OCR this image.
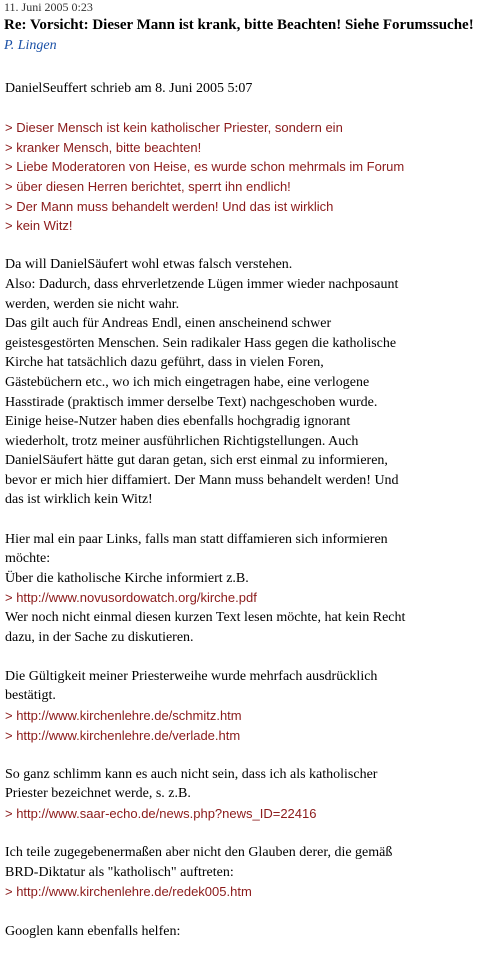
11. Juni 2005 0:23
Re: Vorsicht: Dieser Mann ist krank, bitte Beachten! Siehe Forumssuche!
P. Lingen
DanielSeuffert schrieb am 8. Juni 2005 5:07
> Dieser Mensch ist kein katholischer Priester, sondern ein
> kranker Mensch, bitte beachten!
> Liebe Moderatoren von Heise, es wurde schon mehrmals im Forum
> über diesen Herren berichtet, sperrt ihn endlich!
> Der Mann muss behandelt werden! Und das ist wirklich
> kein Witz!
Da will DanielSäufert wohl etwas falsch verstehen.
Also: Dadurch, dass ehrverletzende Lügen immer wieder nachposaunt
werden, werden sie nicht wahr.
Das gilt auch für Andreas Endl, einen anscheinend schwer
geistesgestörten Menschen. Sein radikaler Hass gegen die katholische
Kirche hat tatsächlich dazu geführt, dass in vielen Foren,
Gästebüchern etc., wo ich mich eingetragen habe, eine verlogene
Hasstirade (praktisch immer derselbe Text) nachgeschoben wurde.
Einige heise-Nutzer haben dies ebenfalls hochgradig ignorant
wiederholt, trotz meiner ausführlichen Richtigstellungen. Auch
DanielSäufert hätte gut daran getan, sich erst einmal zu informieren,
bevor er mich hier diffamiert. Der Mann muss behandelt werden! Und
das ist wirklich kein Witz!
Hier mal ein paar Links, falls man statt diffamieren sich informieren
möchte:
Über die katholische Kirche informiert z.B.
> http://www.novusordowatch.org/kirche.pdf
Wer noch nicht einmal diesen kurzen Text lesen möchte, hat kein Recht
dazu, in der Sache zu diskutieren.
Die Gültigkeit meiner Priesterweihe wurde mehrfach ausdrücklich
bestätigt.
> http://www.kirchenlehre.de/schmitz.htm
> http://www.kirchenlehre.de/verlade.htm
So ganz schlimm kann es auch nicht sein, dass ich als katholischer
Priester bezeichnet werde, s. z.B.
> http://www.saar-echo.de/news.php?news_ID=22416
Ich teile zugegebenermaßen aber nicht den Glauben derer, die gemäß
BRD-Diktatur als "katholisch" auftreten:
> http://www.kirchenlehre.de/redek005.htm
Googlen kann ebenfalls helfen:
